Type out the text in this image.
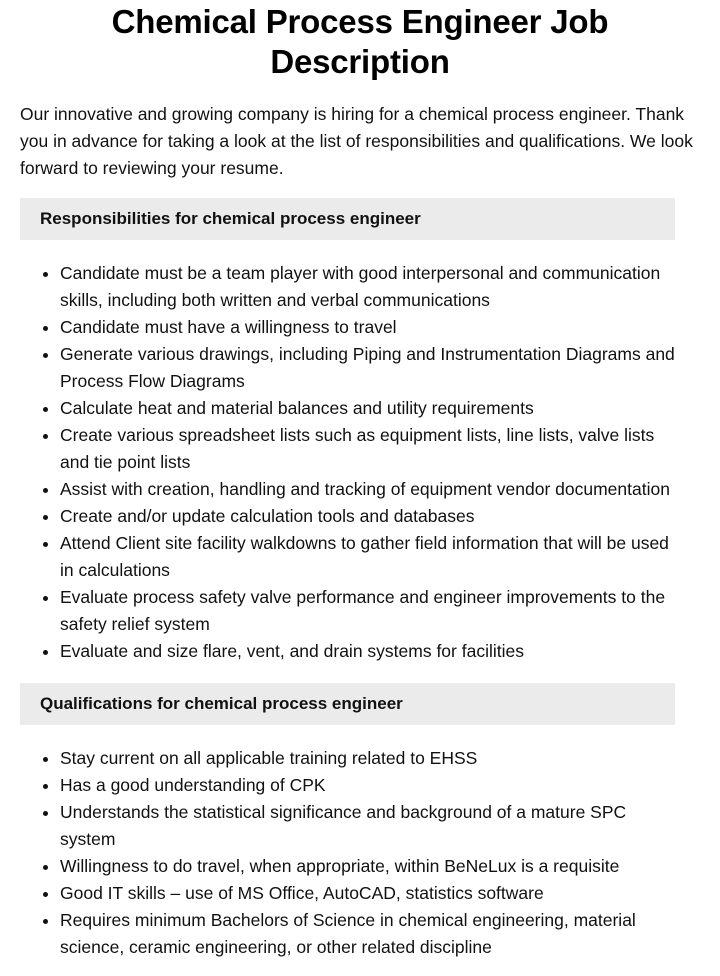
Chemical Process Engineer Job Description

Our innovative and growing company is hiring for a chemical process engineer. Thank you in advance for taking a look at the list of responsibilities and qualifications. We look forward to reviewing your resume.

Responsibilities for chemical process engineer
Candidate must be a team player with good interpersonal and communication skills, including both written and verbal communications
Candidate must have a willingness to travel
Generate various drawings, including Piping and Instrumentation Diagrams and Process Flow Diagrams
Calculate heat and material balances and utility requirements
Create various spreadsheet lists such as equipment lists, line lists, valve lists and tie point lists
Assist with creation, handling and tracking of equipment vendor documentation
Create and/or update calculation tools and databases
Attend Client site facility walkdowns to gather field information that will be used in calculations
Evaluate process safety valve performance and engineer improvements to the safety relief system
Evaluate and size flare, vent, and drain systems for facilities
Qualifications for chemical process engineer
Stay current on all applicable training related to EHSS
Has a good understanding of CPK
Understands the statistical significance and background of a mature SPC system
Willingness to do travel, when appropriate, within BeNeLux is a requisite
Good IT skills – use of MS Office, AutoCAD, statistics software
Requires minimum Bachelors of Science in chemical engineering, material science, ceramic engineering, or other related discipline
